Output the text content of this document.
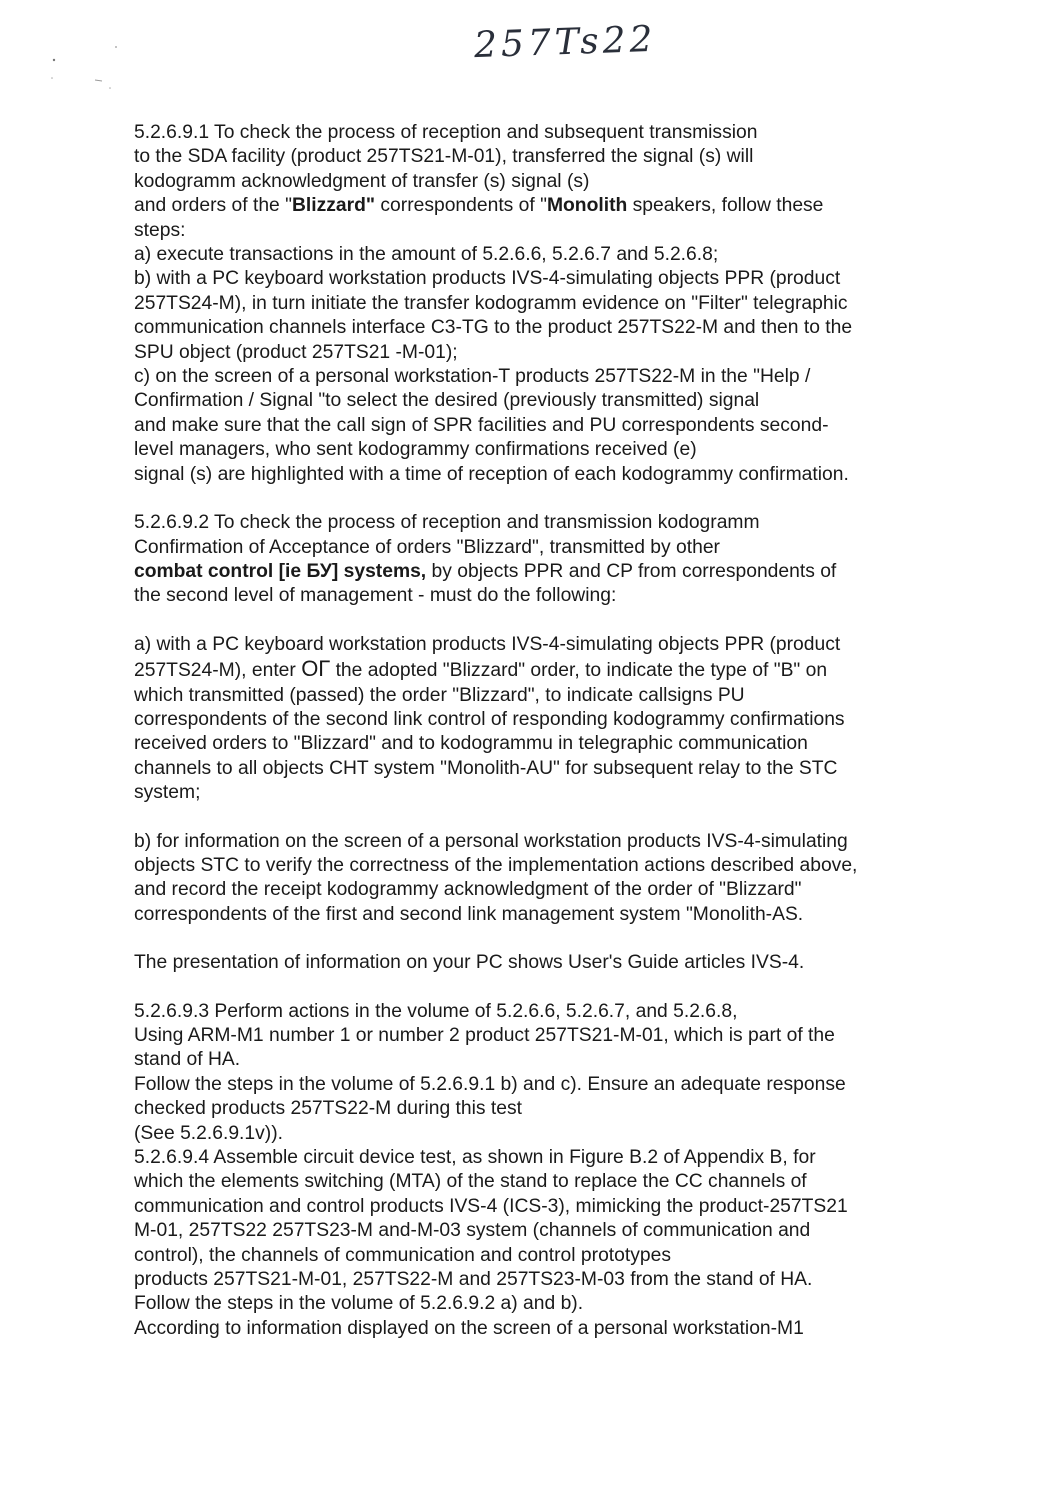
257Ts22

5.2.6.9.1 To check the process of reception and subsequent transmission

to the SDA facility (product 257TS21-M-01), transferred the signal (s) will

kodogramm acknowledgment of transfer (s) signal (s)

and orders of the "Blizzard" correspondents of "Monolith speakers, follow these

steps:

a) execute transactions in the amount of 5.2.6.6, 5.2.6.7 and 5.2.6.8;

b) with a PC keyboard workstation products IVS-4-simulating objects PPR (product

257TS24-M), in turn initiate the transfer kodogramm evidence on "Filter" telegraphic

communication channels interface C3-TG to the product 257TS22-M and then to the

SPU object (product 257TS21 -M-01);

c) on the screen of a personal workstation-T products 257TS22-M in the "Help /

Confirmation / Signal "to select the desired (previously transmitted) signal

and make sure that the call sign of SPR facilities and PU correspondents second-

level managers, who sent kodogrammy confirmations received (e)

signal (s) are highlighted with a time of reception of each kodogrammy confirmation.

5.2.6.9.2 To check the process of reception and transmission kodogramm

Confirmation of Acceptance of orders "Blizzard", transmitted by other

combat control [ie БУ] systems, by objects PPR and CP from correspondents of

the second level of management - must do the following:

a) with a PC keyboard workstation products IVS-4-simulating objects PPR (product

257TS24-M), enter ОГ the adopted "Blizzard" order, to indicate the type of "B" on

which transmitted (passed) the order "Blizzard", to indicate callsigns PU

correspondents of the second link control of responding kodogrammy confirmations

received orders to "Blizzard" and to kodogrammu in telegraphic communication

channels to all objects CHT system "Monolith-AU" for subsequent relay to the STC

system;

b) for information on the screen of a personal workstation products IVS-4-simulating

objects STC to verify the correctness of the implementation actions described above,

and record the receipt kodogrammy acknowledgment of the order of "Blizzard"

correspondents of the first and second link management system "Monolith-AS.

The presentation of information on your PC shows User's Guide articles IVS-4.

5.2.6.9.3 Perform actions in the volume of 5.2.6.6, 5.2.6.7, and 5.2.6.8,

Using ARM-M1 number 1 or number 2 product 257TS21-M-01, which is part of the

stand of HA.

Follow the steps in the volume of 5.2.6.9.1 b) and c). Ensure an adequate response

checked products 257TS22-M during this test

(See 5.2.6.9.1v)).

5.2.6.9.4 Assemble circuit device test, as shown in Figure B.2 of Appendix B, for

which the elements switching (MTA) of the stand to replace the CC channels of

communication and control products IVS-4 (ICS-3), mimicking the product-257TS21

M-01, 257TS22 257TS23-M and-M-03 system (channels of communication and

control), the channels of communication and control prototypes

products 257TS21-M-01, 257TS22-M and 257TS23-M-03 from the stand of HA.

Follow the steps in the volume of 5.2.6.9.2 a) and b).

According to information displayed on the screen of a personal workstation-M1
